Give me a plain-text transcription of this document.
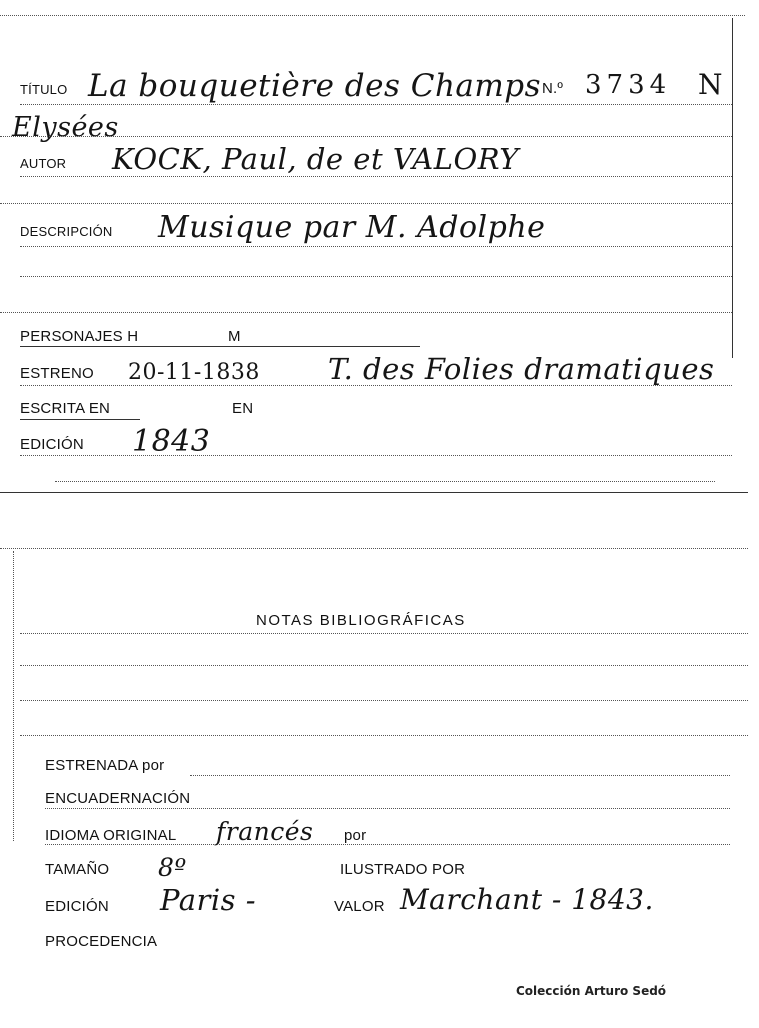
TÍTULO La bouquetière des Champs N.º 3734 N
Elysées
AUTOR KOCK, Paul, de et VALORY
DESCRIPCIÓN Musique par M. Adolphe
PERSONAJES H	M
ESTRENO 20-11-1838 T. des Folies dramatiques
ESCRITA EN	EN
EDICIÓN 1843
NOTAS BIBLIOGRÁFICAS
ESTRENADA por
ENCUADERNACIÓN
IDIOMA ORIGINAL francés por
TAMAÑO 8º	ILUSTRADO POR
EDICIÓN Paris -	VALOR Marchant - 1843.
PROCEDENCIA
Colección Arturo Sedó
